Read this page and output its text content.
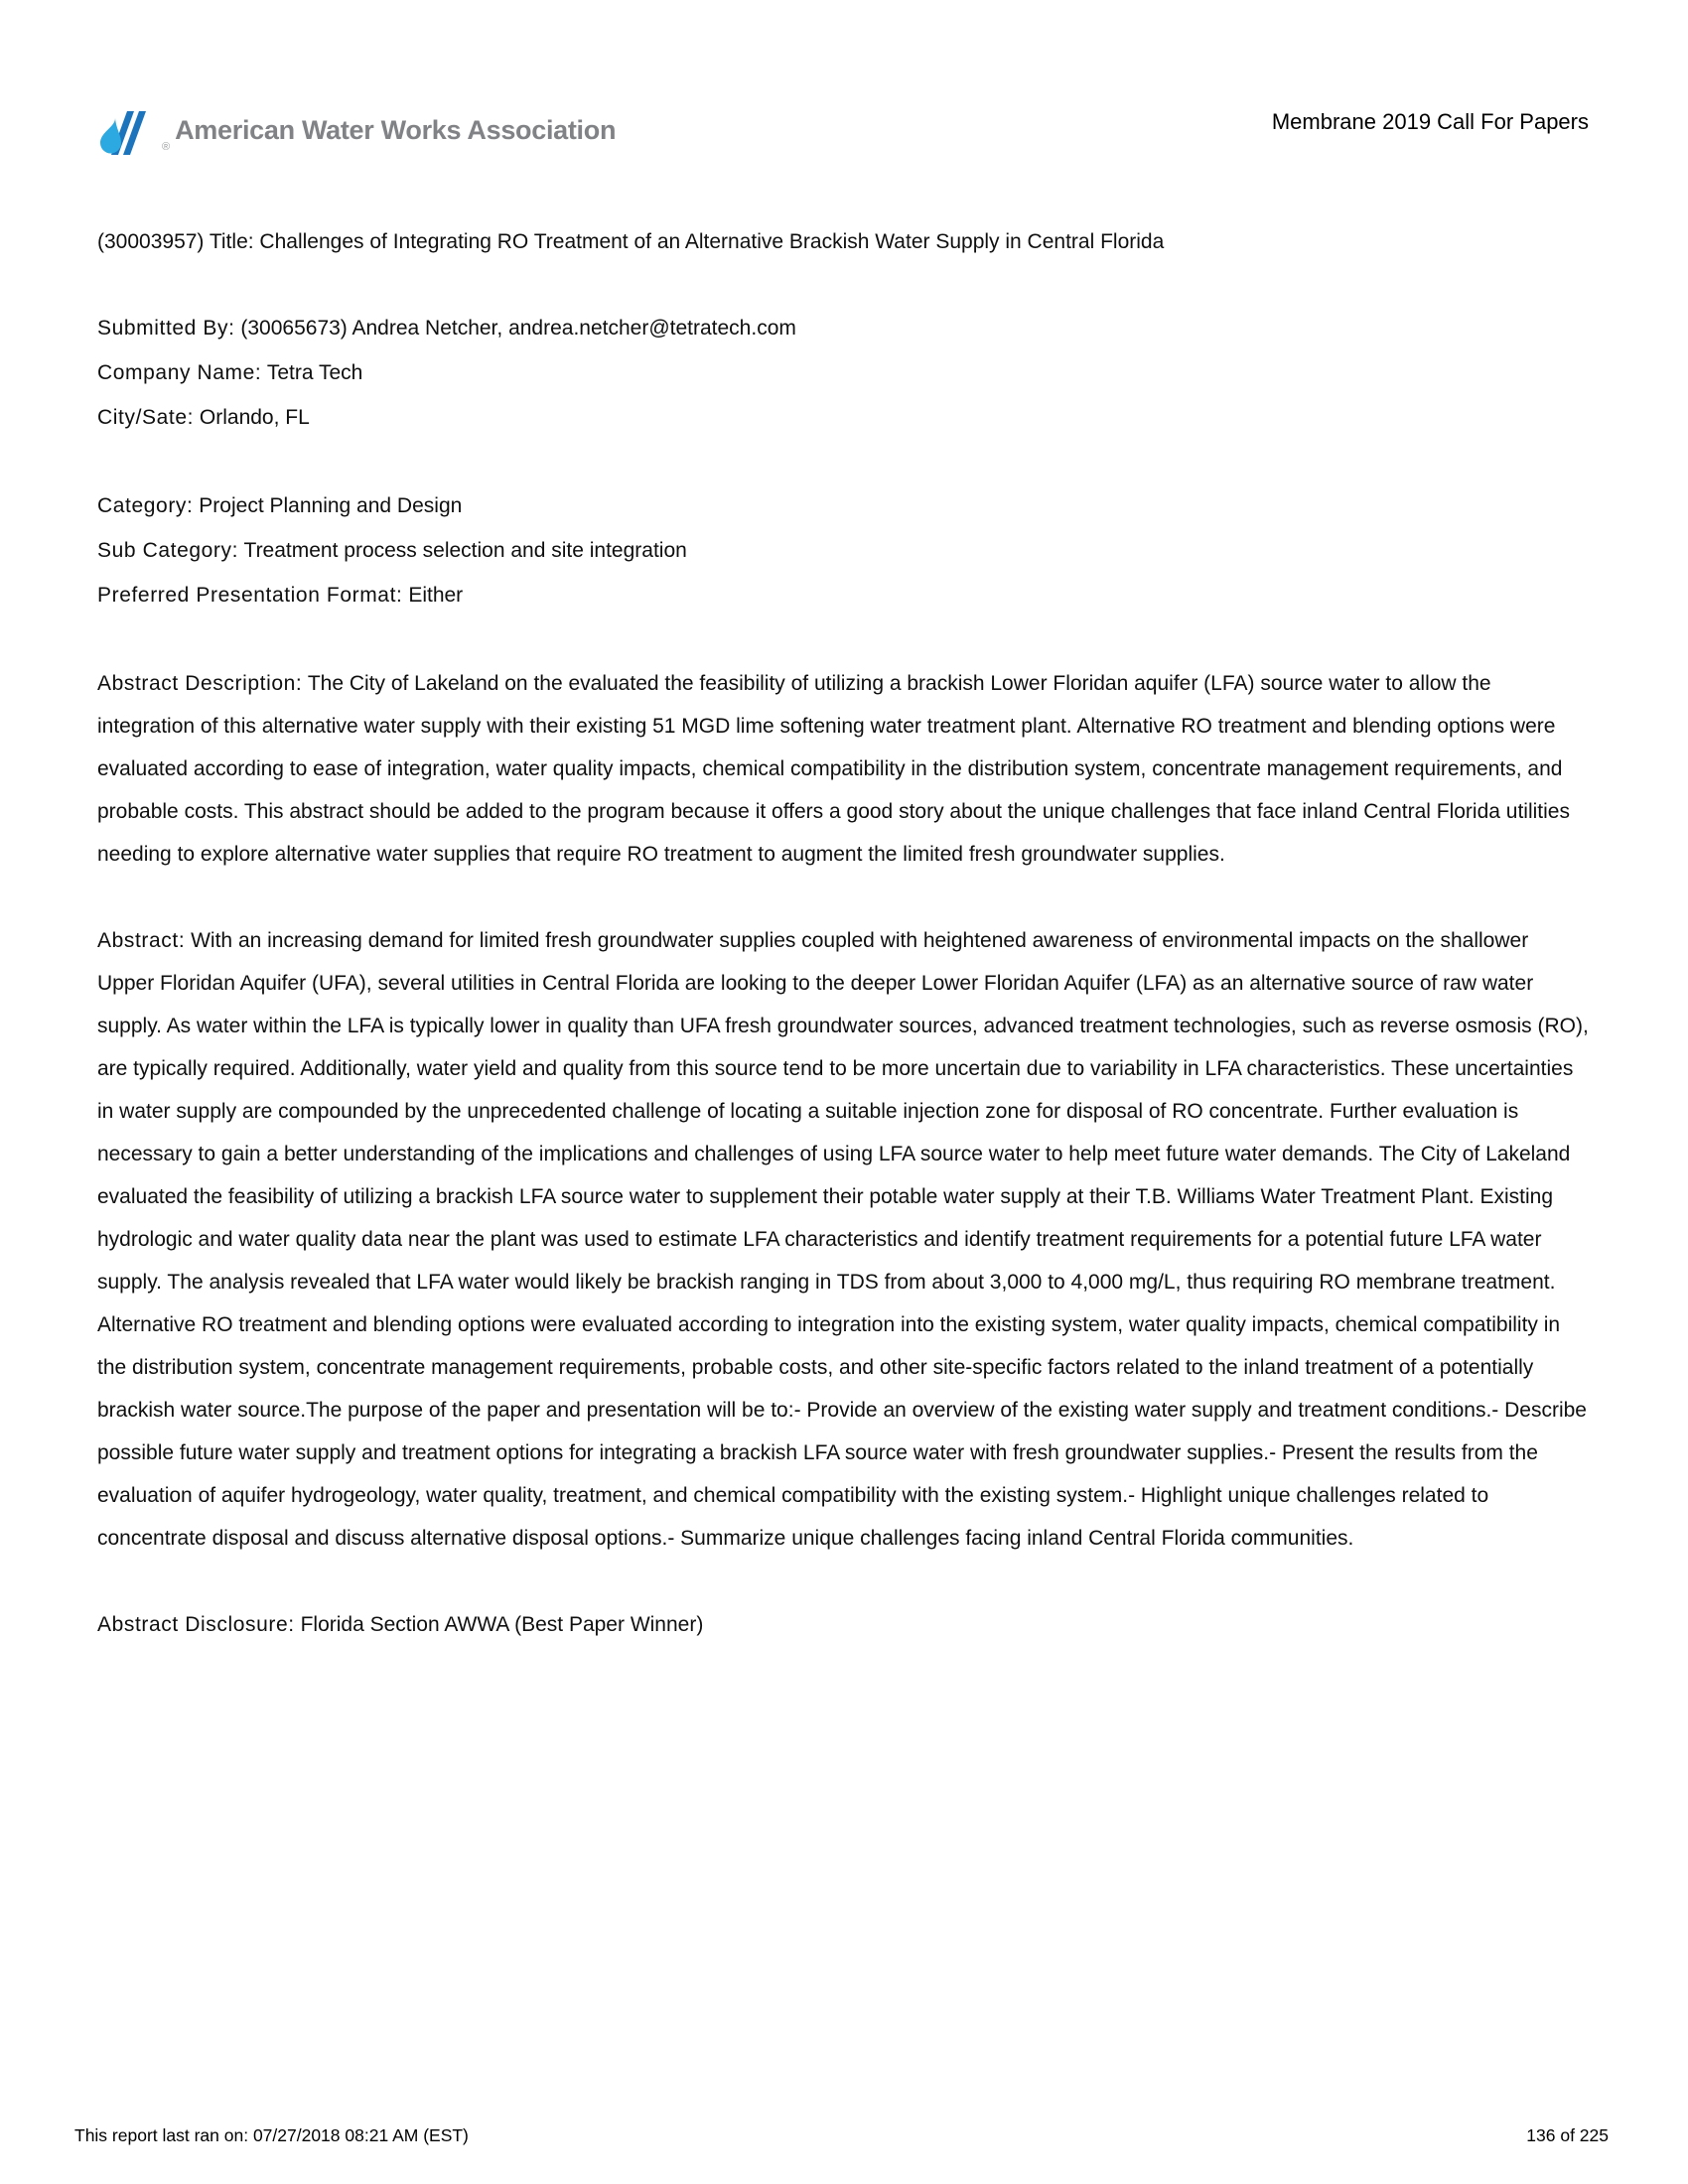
®
American Water Works Association	Membrane 2019 Call For Papers

(30003957) Title: Challenges of Integrating RO Treatment of an Alternative Brackish Water Supply in Central Florida

Submitted By: (30065673) Andrea Netcher, andrea.netcher@tetratech.com

Company Name: Tetra Tech

City/Sate: Orlando, FL

Category: Project Planning and Design

Sub Category: Treatment process selection and site integration

Preferred Presentation Format: Either

Abstract Description: The City of Lakeland on the evaluated the feasibility of utilizing a brackish Lower Floridan aquifer (LFA) source water to allow the integration of this alternative water supply with their existing 51 MGD lime softening water treatment plant. Alternative RO treatment and blending options were evaluated according to ease of integration, water quality impacts, chemical compatibility in the distribution system, concentrate management requirements, and probable costs. This abstract should be added to the program because it offers a good story about the unique challenges that face inland Central Florida utilities needing to explore alternative water supplies that require RO treatment to augment the limited fresh groundwater supplies.

Abstract: With an increasing demand for limited fresh groundwater supplies coupled with heightened awareness of environmental impacts on the shallower Upper Floridan Aquifer (UFA), several utilities in Central Florida are looking to the deeper Lower Floridan Aquifer (LFA) as an alternative source of raw water supply. As water within the LFA is typically lower in quality than UFA fresh groundwater sources, advanced treatment technologies, such as reverse osmosis (RO), are typically required. Additionally, water yield and quality from this source tend to be more uncertain due to variability in LFA characteristics. These uncertainties in water supply are compounded by the unprecedented challenge of locating a suitable injection zone for disposal of RO concentrate. Further evaluation is necessary to gain a better understanding of the implications and challenges of using LFA source water to help meet future water demands. The City of Lakeland evaluated the feasibility of utilizing a brackish LFA source water to supplement their potable water supply at their T.B. Williams Water Treatment Plant. Existing hydrologic and water quality data near the plant was used to estimate LFA characteristics and identify treatment requirements for a potential future LFA water supply. The analysis revealed that LFA water would likely be brackish ranging in TDS from about 3,000 to 4,000 mg/L, thus requiring RO membrane treatment. Alternative RO treatment and blending options were evaluated according to integration into the existing system, water quality impacts, chemical compatibility in the distribution system, concentrate management requirements, probable costs, and other site-specific factors related to the inland treatment of a potentially brackish water source.The purpose of the paper and presentation will be to:- Provide an overview of the existing water supply and treatment conditions.- Describe possible future water supply and treatment options for integrating a brackish LFA source water with fresh groundwater supplies.- Present the results from the evaluation of aquifer hydrogeology, water quality, treatment, and chemical compatibility with the existing system.- Highlight unique challenges related to concentrate disposal and discuss alternative disposal options.- Summarize unique challenges facing inland Central Florida communities.

Abstract Disclosure: Florida Section AWWA (Best Paper Winner)

This report last ran on: 07/27/2018 08:21 AM (EST)	136 of 225
